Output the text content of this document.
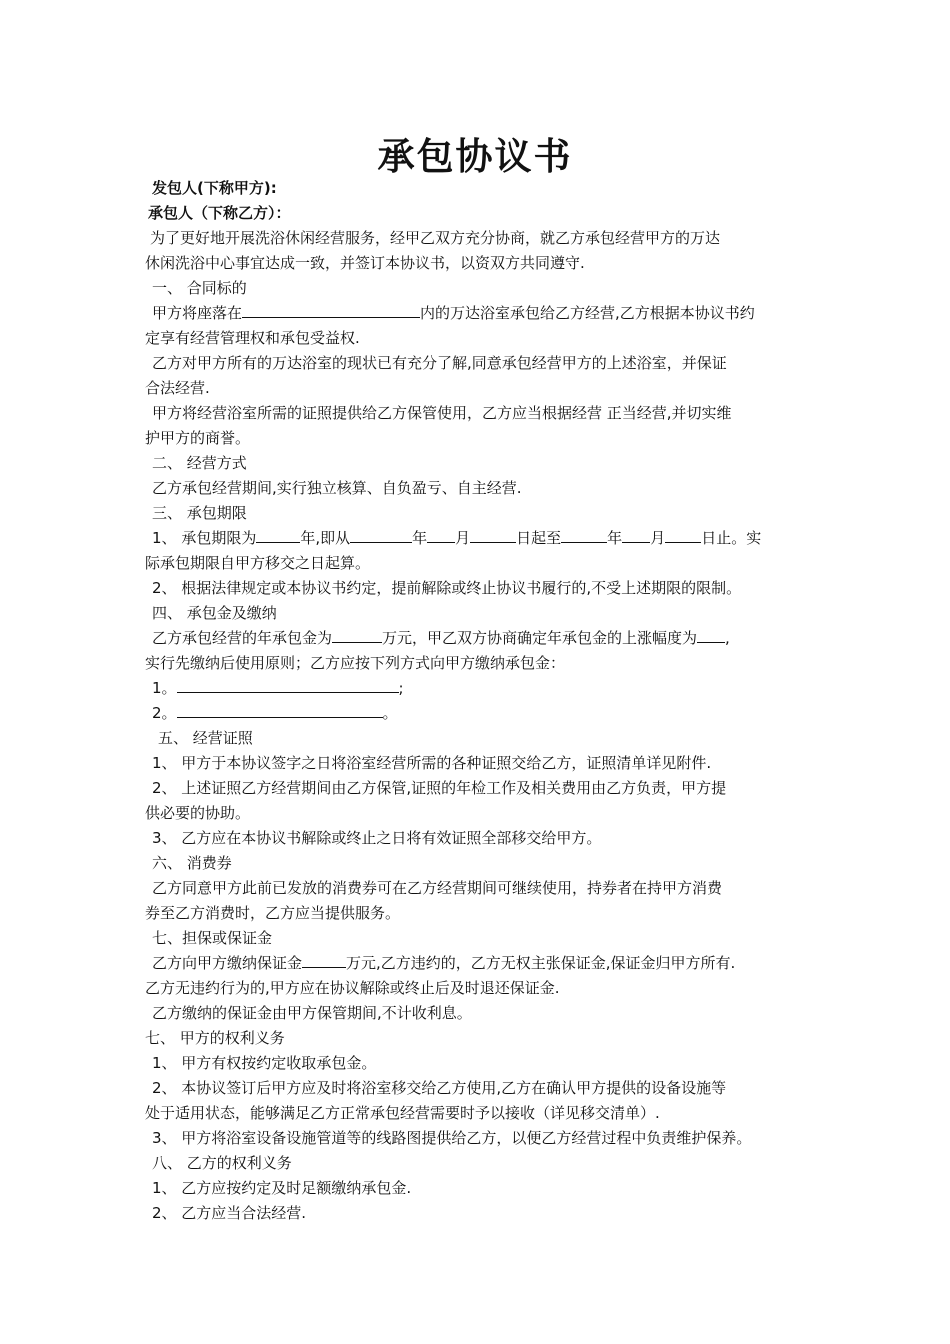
承包协议书
发包人(下称甲方):
承包人（下称乙方）：
为了更好地开展洗浴休闲经营服务，经甲乙双方充分协商，就乙方承包经营甲方的万达
休闲洗浴中心事宜达成一致，并签订本协议书，以资双方共同遵守.
一、 合同标的
甲方将座落在	内的万达浴室承包给乙方经营,乙方根据本协议书约
定享有经营管理权和承包受益权.
乙方对甲方所有的万达浴室的现状已有充分了解,同意承包经营甲方的上述浴室，并保证
合法经营.
甲方将经营浴室所需的证照提供给乙方保管使用，乙方应当根据经营 正当经营,并切实维
护甲方的商誉。
二、 经营方式
乙方承包经营期间,实行独立核算、自负盈亏、自主经营.
三、 承包期限
1、 承包期限为	年,即从	年 月	日起至	年 月 日止。实
际承包期限自甲方移交之日起算。
2、 根据法律规定或本协议书约定，提前解除或终止协议书履行的,不受上述期限的限制。
四、 承包金及缴纳
乙方承包经营的年承包金为	万元，甲乙双方协商确定年承包金的上涨幅度为 ,
实行先缴纳后使用原则；乙方应按下列方式向甲方缴纳承包金：
1。	;
2。	。
五、 经营证照
1、 甲方于本协议签字之日将浴室经营所需的各种证照交给乙方，证照清单详见附件.
2、 上述证照乙方经营期间由乙方保管,证照的年检工作及相关费用由乙方负责，甲方提
供必要的协助。
3、 乙方应在本协议书解除或终止之日将有效证照全部移交给甲方。
六、 消费券
乙方同意甲方此前已发放的消费券可在乙方经营期间可继续使用，持券者在持甲方消费
券至乙方消费时，乙方应当提供服务。
七、担保或保证金
乙方向甲方缴纳保证金	万元,乙方违约的，乙方无权主张保证金,保证金归甲方所有.
乙方无违约行为的,甲方应在协议解除或终止后及时退还保证金.
乙方缴纳的保证金由甲方保管期间,不计收利息。
七、 甲方的权利义务
1、 甲方有权按约定收取承包金。
2、 本协议签订后甲方应及时将浴室移交给乙方使用,乙方在确认甲方提供的设备设施等
处于适用状态，能够满足乙方正常承包经营需要时予以接收（详见移交清单）.
3、 甲方将浴室设备设施管道等的线路图提供给乙方，以便乙方经营过程中负责维护保养。
八、 乙方的权利义务
1、 乙方应按约定及时足额缴纳承包金.
2、 乙方应当合法经营.
